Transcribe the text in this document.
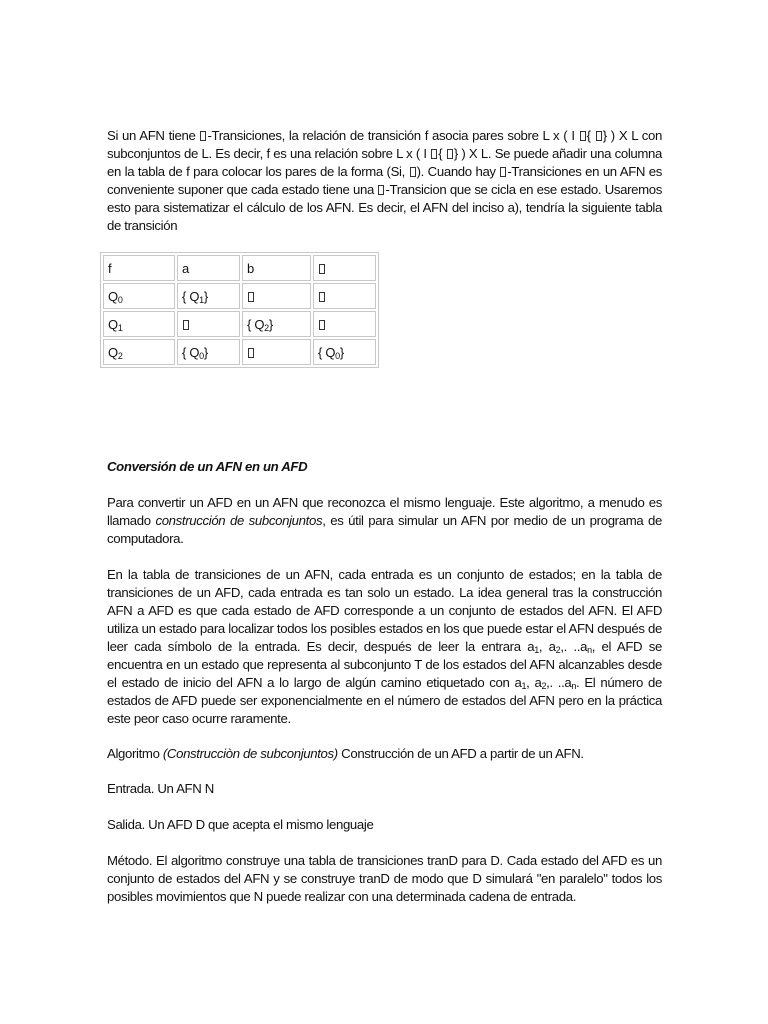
Si un AFN tiene -Transiciones, la relación de transición f asocia pares sobre L x ( I { } ) X L con subconjuntos de L. Es decir, f es una relación sobre L x ( I { } ) X L. Se puede añadir una columna en la tabla de f para colocar los pares de la forma (Si, ). Cuando hay -Transiciones en un AFN es conveniente suponer que cada estado tiene una -Transicion que se cicla en ese estado. Usaremos esto para sistematizar el cálculo de los AFN. Es decir, el AFN del inciso a), tendría la siguiente tabla de transición

f	a	b	
$Q_0$	{ $Q_1$}		
$Q_1$		{ $Q_2$}	
$Q_2$	{ $Q_0$}		{ $Q_0$}
Conversión de un AFN en un AFD

Para convertir un AFD en un AFN que reconozca el mismo lenguaje. Este algoritmo, a menudo es llamado construcción de subconjuntos, es útil para simular un AFN por medio de un programa de computadora.

En la tabla de transiciones de un AFN, cada entrada es un conjunto de estados; en la tabla de transiciones de un AFD, cada entrada es tan solo un estado. La idea general tras la construcción AFN a AFD es que cada estado de AFD corresponde a un conjunto de estados del AFN. El AFD utiliza un estado para localizar todos los posibles estados en los que puede estar el AFN después de leer cada símbolo de la entrada. Es decir, después de leer la entrara $a_1$, $a_2$,. $..a_n$, el AFD se encuentra en un estado que representa al subconjunto T de los estados del AFN alcanzables desde el estado de inicio del AFN a lo largo de algún camino etiquetado con $a_1$, $a_2$,. $..a_n$. El número de estados de AFD puede ser exponencialmente en el número de estados del AFN pero en la práctica este peor caso ocurre raramente.

Algoritmo (Construcciòn de subconjuntos) Construcción de un AFD a partir de un AFN.

Entrada. Un AFN N

Salida. Un AFD D que acepta el mismo lenguaje

Método. El algoritmo construye una tabla de transiciones tranD para D. Cada estado del AFD es un conjunto de estados del AFN y se construye tranD de modo que D simulará "en paralelo" todos los posibles movimientos que N puede realizar con una determinada cadena de entrada.
